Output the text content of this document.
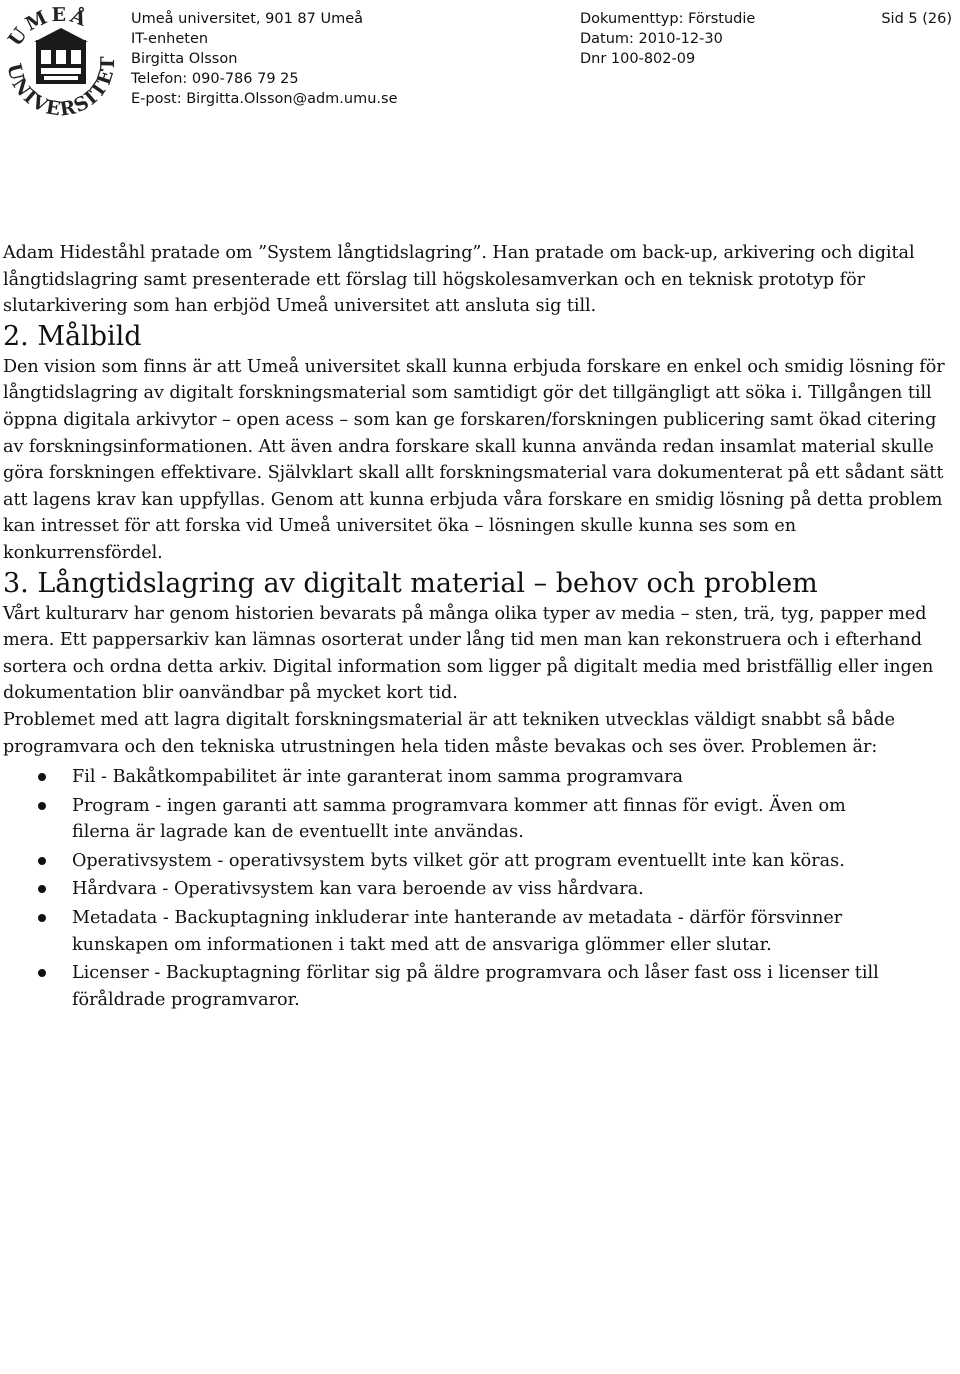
UMEÅ
UNIVERSITET
Umeå universitet, 901 87 Umeå
IT-enheten
Birgitta Olsson
Telefon: 090-786 79 25
E-post: Birgitta.Olsson@adm.umu.se
Dokumenttyp: Förstudie
Datum: 2010-12-30
Dnr 100-802-09
Sid 5 (26)

Adam Hideståhl pratade om ”System långtidslagring”. Han pratade om back-up, arkivering och digital långtidslagring samt presenterade ett förslag till högskolesamverkan och en teknisk prototyp för slutarkivering som han erbjöd Umeå universitet att ansluta sig till.

2. Målbild

Den vision som finns är att Umeå universitet skall kunna erbjuda forskare en enkel och smidig lösning för långtidslagring av digitalt forskningsmaterial som samtidigt gör det tillgängligt att söka i. Tillgången till öppna digitala arkivytor – open acess – som kan ge forskaren/forskningen publicering samt ökad citering av forskningsinformationen. Att även andra forskare skall kunna använda redan insamlat material skulle göra forskningen effektivare. Självklart skall allt forskningsmaterial vara dokumenterat på ett sådant sätt att lagens krav kan uppfyllas. Genom att kunna erbjuda våra forskare en smidig lösning på detta problem kan intresset för att forska vid Umeå universitet öka – lösningen skulle kunna ses som en konkurrensfördel.

3. Långtidslagring av digitalt material – behov och problem

Vårt kulturarv har genom historien bevarats på många olika typer av media – sten, trä, tyg, papper med mera. Ett pappersarkiv kan lämnas osorterat under lång tid men man kan rekonstruera och i efterhand sortera och ordna detta arkiv. Digital information som ligger på digitalt media med bristfällig eller ingen dokumentation blir oanvändbar på mycket kort tid.

Problemet med att lagra digitalt forskningsmaterial är att tekniken utvecklas väldigt snabbt så både programvara och den tekniska utrustningen hela tiden måste bevakas och ses över. Problemen är:

Fil - Bakåtkompabilitet är inte garanterat inom samma programvara
Program - ingen garanti att samma programvara kommer att finnas för evigt. Även om filerna är lagrade kan de eventuellt inte användas.
Operativsystem - operativsystem byts vilket gör att program eventuellt inte kan köras.
Hårdvara - Operativsystem kan vara beroende av viss hårdvara.
Metadata - Backuptagning inkluderar inte hanterande av metadata - därför försvinner kunskapen om informationen i takt med att de ansvariga glömmer eller slutar.
Licenser - Backuptagning förlitar sig på äldre programvara och låser fast oss i licenser till föråldrade programvaror.
